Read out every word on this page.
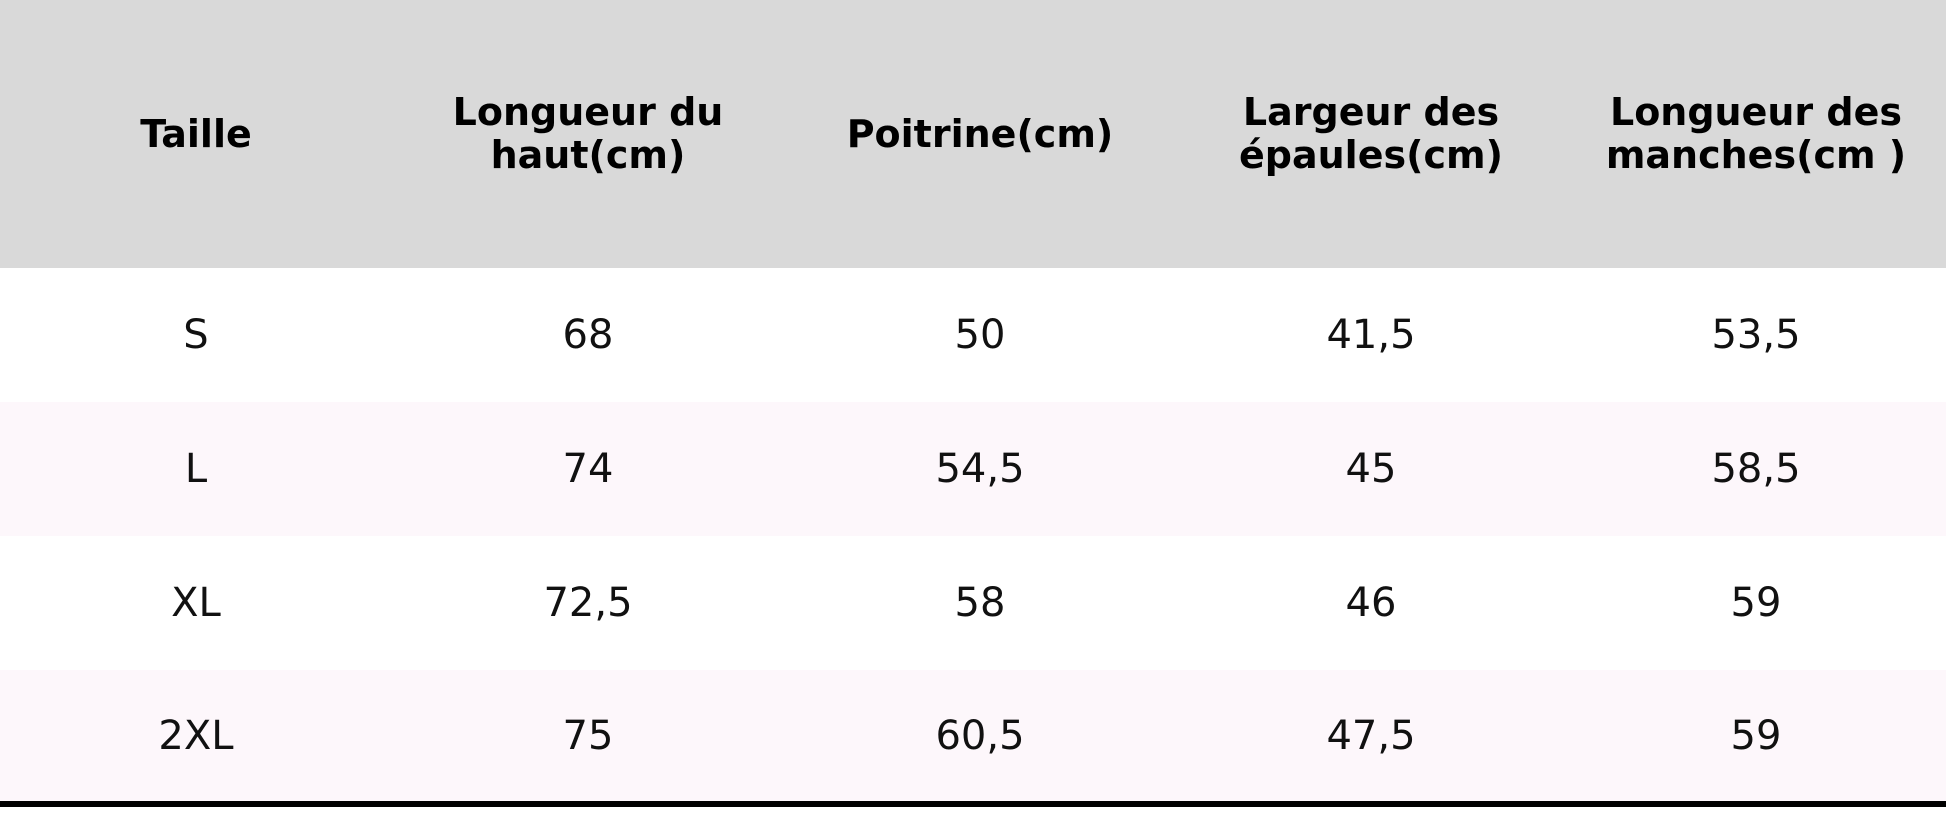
Taille	Longueur du haut(cm)	Poitrine(cm)	Largeur des épaules(cm)	Longueur des manches(cm )
S	68	50	41,5	53,5
L	74	54,5	45	58,5
XL	72,5	58	46	59
2XL	75	60,5	47,5	59
